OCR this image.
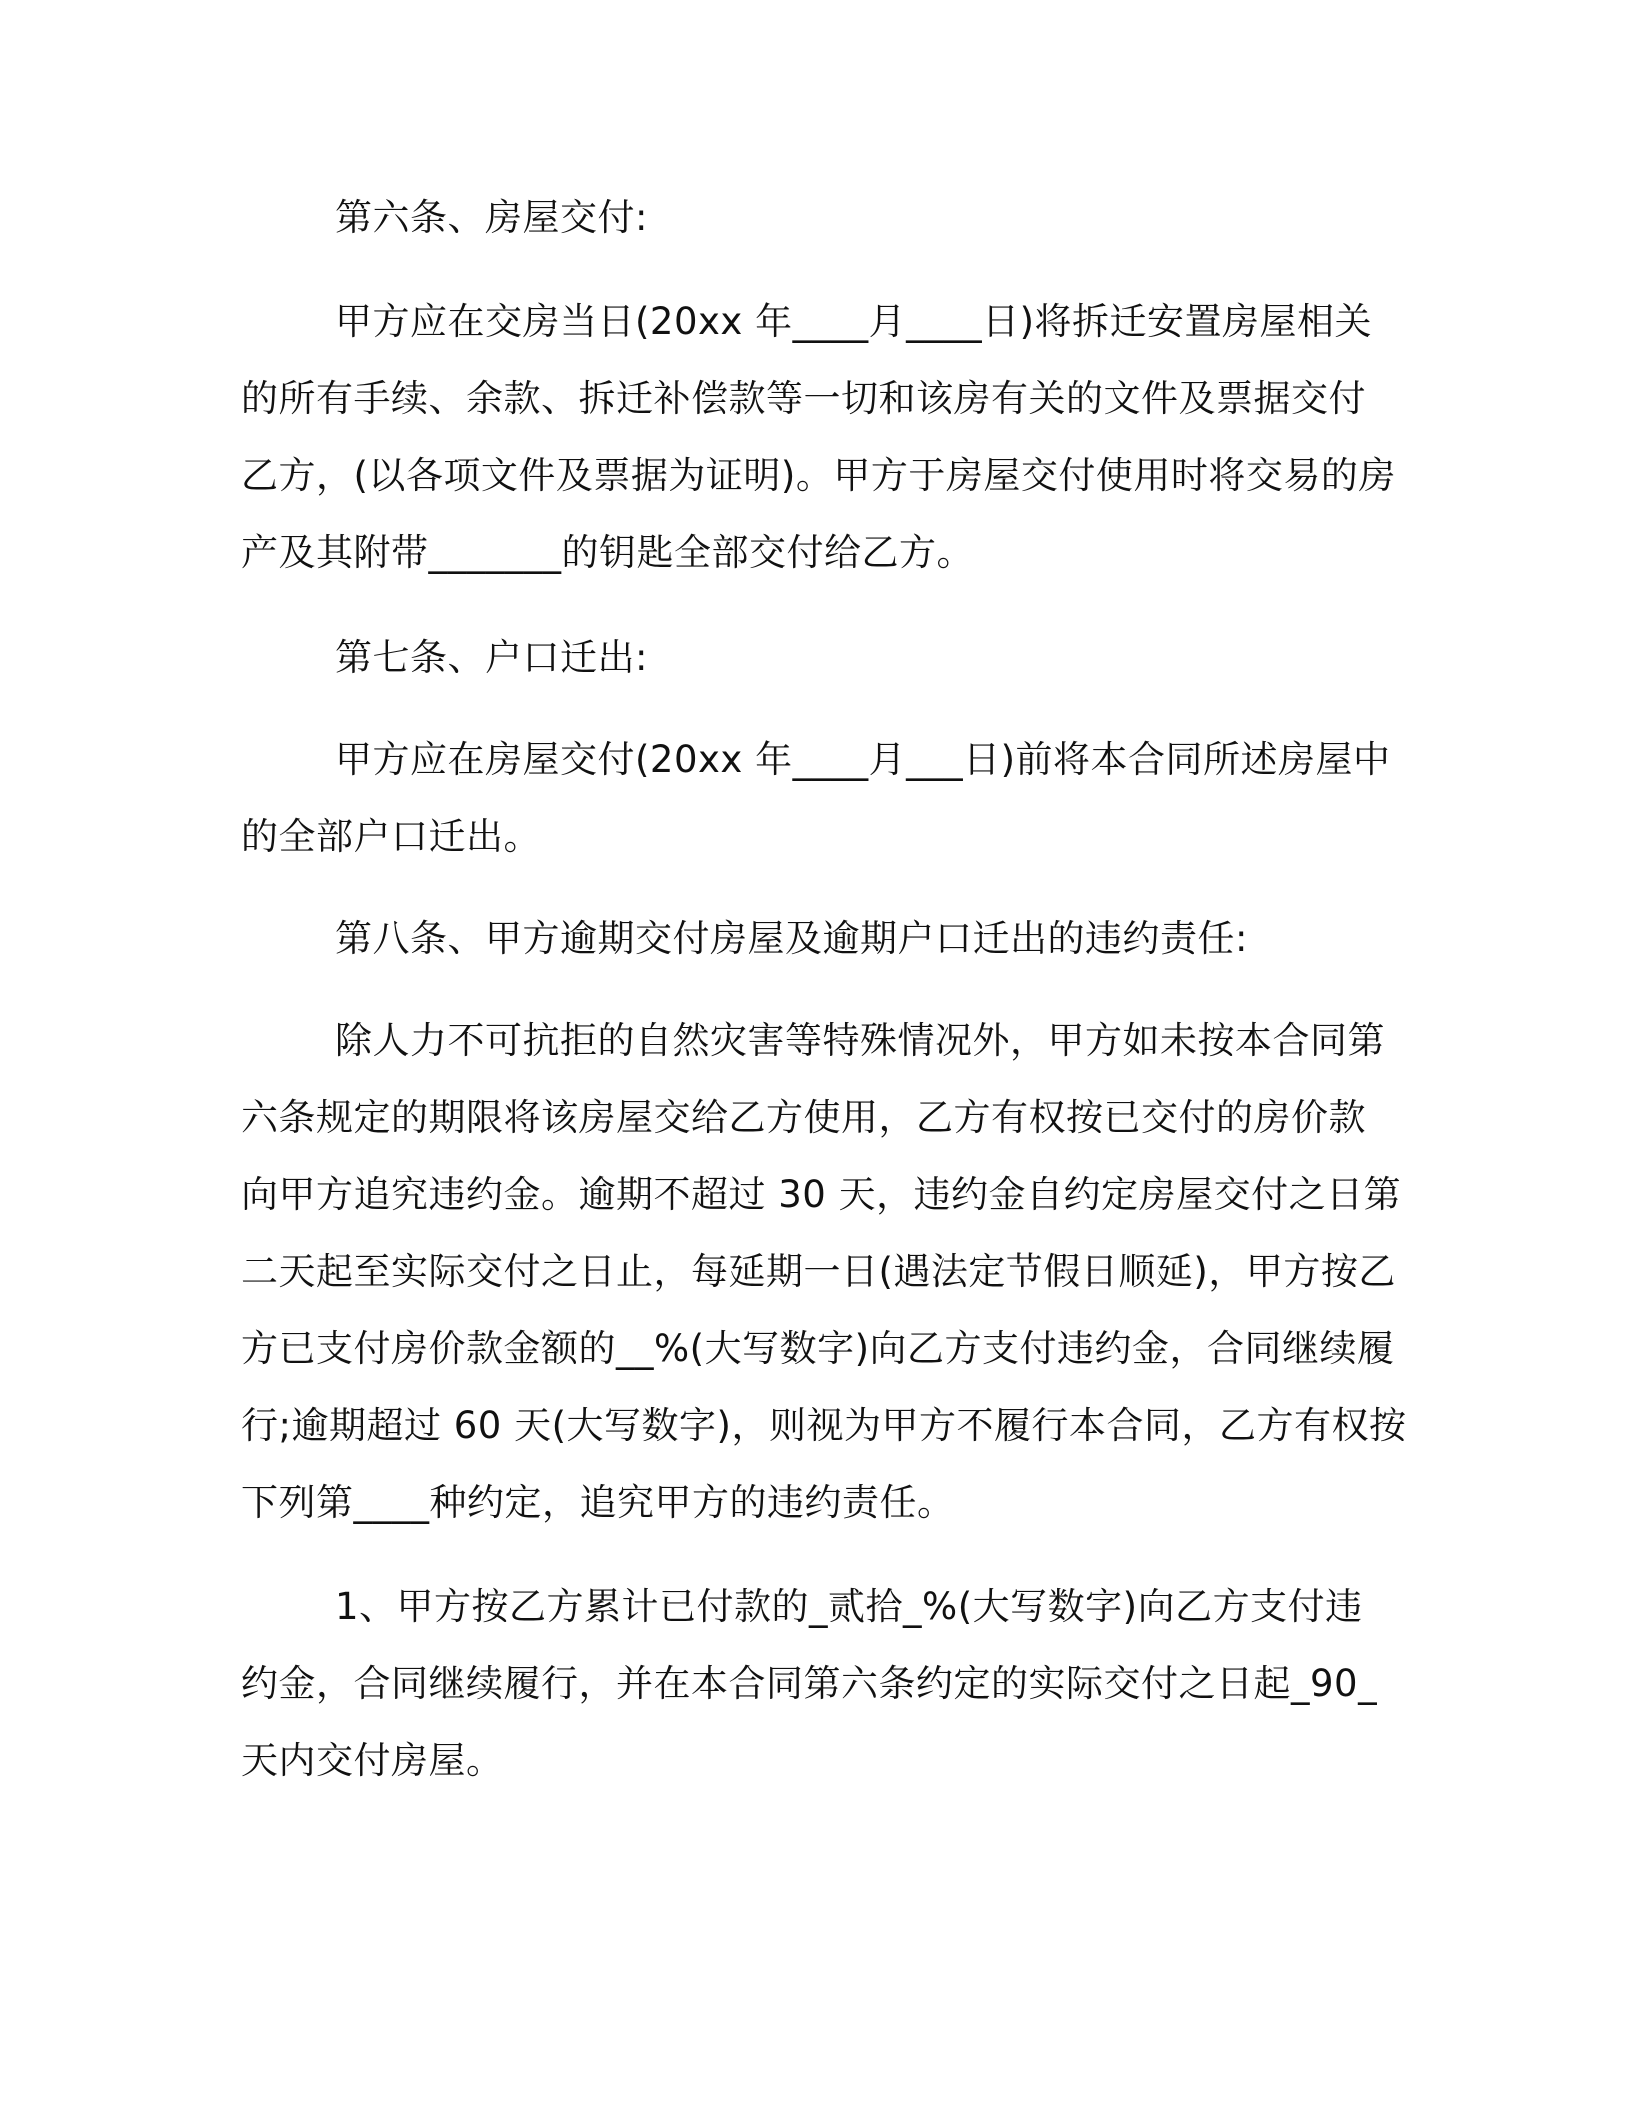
第六条、房屋交付:
甲方应在交房当日(20xx 年____月____日)将拆迁安置房屋相关
的所有手续、余款、拆迁补偿款等一切和该房有关的文件及票据交付
乙方，(以各项文件及票据为证明)。甲方于房屋交付使用时将交易的房
产及其附带_______的钥匙全部交付给乙方。
第七条、户口迁出:
甲方应在房屋交付(20xx 年____月___日)前将本合同所述房屋中
的全部户口迁出。
第八条、甲方逾期交付房屋及逾期户口迁出的违约责任:
除人力不可抗拒的自然灾害等特殊情况外，甲方如未按本合同第
六条规定的期限将该房屋交给乙方使用，乙方有权按已交付的房价款
向甲方追究违约金。逾期不超过 30 天，违约金自约定房屋交付之日第
二天起至实际交付之日止，每延期一日(遇法定节假日顺延)，甲方按乙
方已支付房价款金额的__%(大写数字)向乙方支付违约金，合同继续履
行;逾期超过 60 天(大写数字)，则视为甲方不履行本合同，乙方有权按
下列第____种约定，追究甲方的违约责任。
1、甲方按乙方累计已付款的_贰拾_%(大写数字)向乙方支付违
约金，合同继续履行，并在本合同第六条约定的实际交付之日起_90_
天内交付房屋。
